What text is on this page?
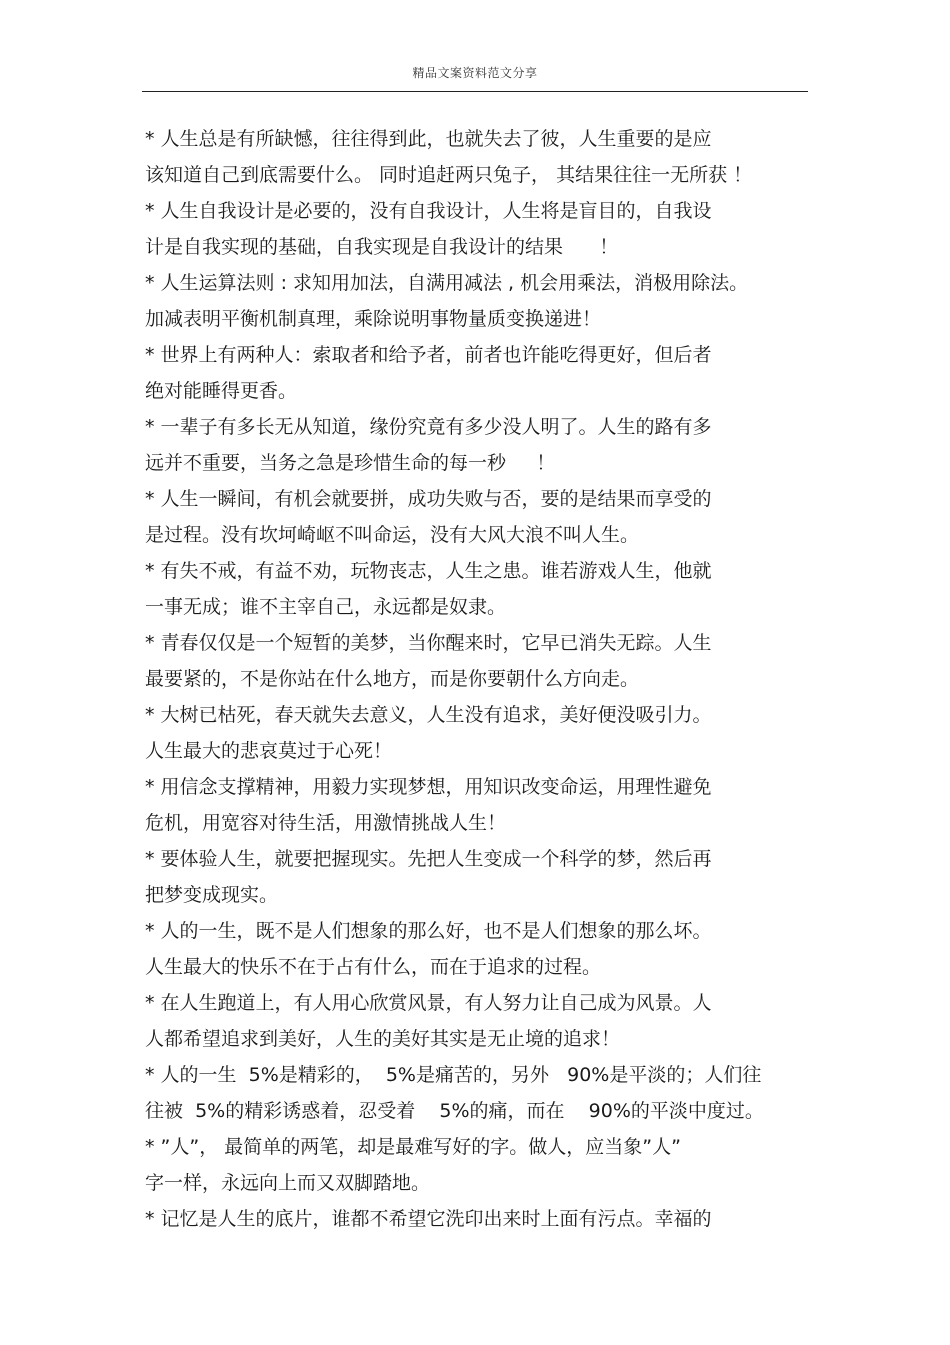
精品文案资料范文分享
* 人生总是有所缺憾，往往得到此，也就失去了彼，人生重要的是应
该知道自己到底需要什么。 同时追赶两只兔子， 其结果往往一无所获 ！
* 人生自我设计是必要的，没有自我设计，人生将是盲目的，自我设
计是自我实现的基础，自我实现是自我设计的结果      ！
* 人生运算法则 : 求知用加法，自满用减法 , 机会用乘法，消极用除法。
加减表明平衡机制真理，乘除说明事物量质变换递进！
* 世界上有两种人：索取者和给予者，前者也许能吃得更好，但后者
绝对能睡得更香。
* 一辈子有多长无从知道，缘份究竟有多少没人明了。人生的路有多
远并不重要，当务之急是珍惜生命的每一秒     ！
* 人生一瞬间，有机会就要拼，成功失败与否，要的是结果而享受的
是过程。没有坎坷崎岖不叫命运，没有大风大浪不叫人生。
* 有失不戒，有益不劝，玩物丧志，人生之患。谁若游戏人生，他就
一事无成；谁不主宰自己，永远都是奴隶。
* 青春仅仅是一个短暂的美梦，当你醒来时，它早已消失无踪。人生
最要紧的，不是你站在什么地方，而是你要朝什么方向走。
* 大树已枯死，春天就失去意义，人生没有追求，美好便没吸引力。
人生最大的悲哀莫过于心死！
* 用信念支撑精神，用毅力实现梦想，用知识改变命运，用理性避免
危机，用宽容对待生活，用激情挑战人生！
* 要体验人生，就要把握现实。先把人生变成一个科学的梦，然后再
把梦变成现实。
* 人的一生，既不是人们想象的那么好，也不是人们想象的那么坏。
人生最大的快乐不在于占有什么，而在于追求的过程。
* 在人生跑道上，有人用心欣赏风景，有人努力让自己成为风景。人
人都希望追求到美好，人生的美好其实是无止境的追求！
* 人的一生  5%是精彩的，  5%是痛苦的，另外   90%是平淡的；人们往
往被  5%的精彩诱惑着，忍受着    5%的痛，而在    90%的平淡中度过。
* ”人”， 最简单的两笔，却是最难写好的字。做人，应当象”人”
字一样，永远向上而又双脚踏地。
* 记忆是人生的底片，谁都不希望它洗印出来时上面有污点。幸福的
